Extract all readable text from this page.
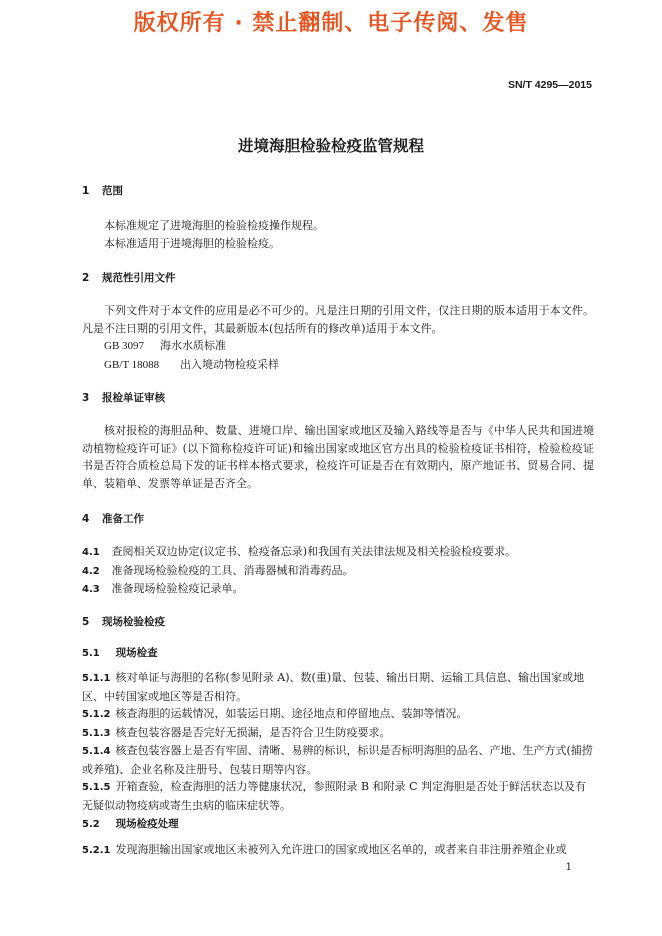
版权所有 · 禁止翻制、电子传阅、发售
SN/T 4295—2015
进境海胆检验检疫监管规程
1 范围
本标准规定了进境海胆的检验检疫操作规程。
本标准适用于进境海胆的检验检疫。
2 规范性引用文件
下列文件对于本文件的应用是必不可少的。凡是注日期的引用文件，仅注日期的版本适用于本文件。凡是不注日期的引用文件，其最新版本(包括所有的修改单)适用于本文件。
GB 3097 海水水质标准
GB/T 18088 出入境动物检疫采样
3 报检单证审核
核对报检的海胆品种、数量、进境口岸、输出国家或地区及输入路线等是否与《中华人民共和国进境动植物检疫许可证》(以下简称检疫许可证)和输出国家或地区官方出具的检验检疫证书相符，检验检疫证书是否符合质检总局下发的证书样本格式要求，检疫许可证是否在有效期内，原产地证书、贸易合同、提单、装箱单、发票等单证是否齐全。
4 准备工作
4.1 查阅相关双边协定(议定书、检疫备忘录)和我国有关法律法规及相关检验检疫要求。
4.2 准备现场检验检疫的工具、消毒器械和消毒药品。
4.3 准备现场检验检疫记录单。
5 现场检验检疫
5.1 现场检查
5.1.1 核对单证与海胆的名称(参见附录 A)、数(重)量、包装、输出日期、运输工具信息、输出国家或地区、中转国家或地区等是否相符。
5.1.2 核查海胆的运载情况，如装运日期、途径地点和停留地点、装卸等情况。
5.1.3 核查包装容器是否完好无损漏，是否符合卫生防疫要求。
5.1.4 核查包装容器上是否有牢固、清晰、易辨的标识，标识是否标明海胆的品名、产地、生产方式(捕捞或养殖)、企业名称及注册号、包装日期等内容。
5.1.5 开箱查验，检查海胆的活力等健康状况，参照附录 B 和附录 C 判定海胆是否处于鲜活状态以及有无疑似动物疫病或寄生虫病的临床症状等。
5.2 现场检疫处理
5.2.1 发现海胆输出国家或地区未被列入允许进口的国家或地区名单的，或者来自非注册养殖企业或
1
